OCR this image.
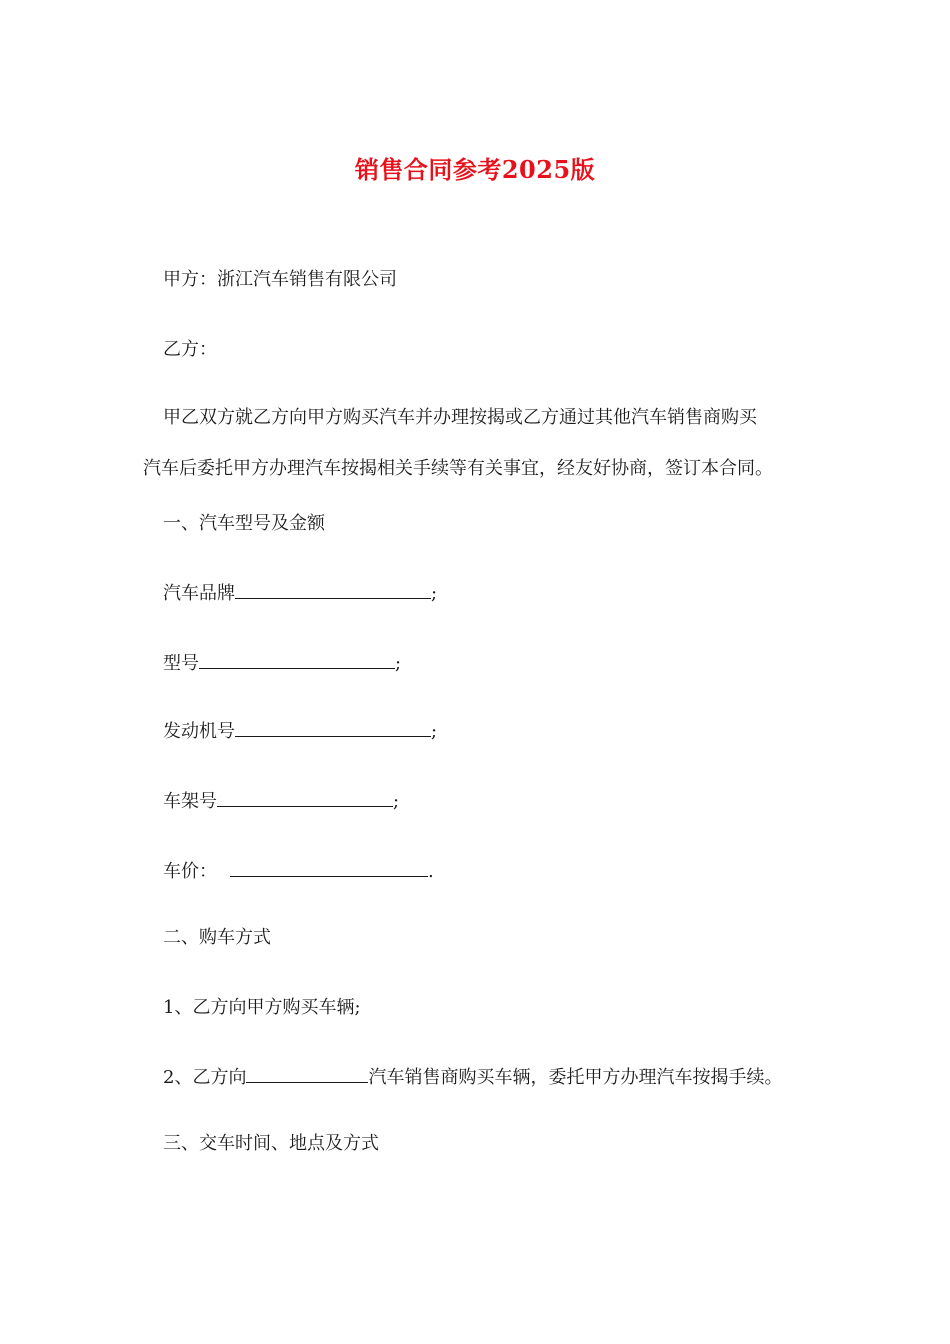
销售合同参考2025版
甲方：浙江汽车销售有限公司
乙方：
甲乙双方就乙方向甲方购买汽车并办理按揭或乙方通过其他汽车销售商购买
汽车后委托甲方办理汽车按揭相关手续等有关事宜，经友好协商，签订本合同。
一、汽车型号及金额
汽车品牌	;
型号	;
发动机号	;
车架号	;
车价：	.
二、购车方式
1、乙方向甲方购买车辆;
2、乙方向	汽车销售商购买车辆，委托甲方办理汽车按揭手续。
三、交车时间、地点及方式
